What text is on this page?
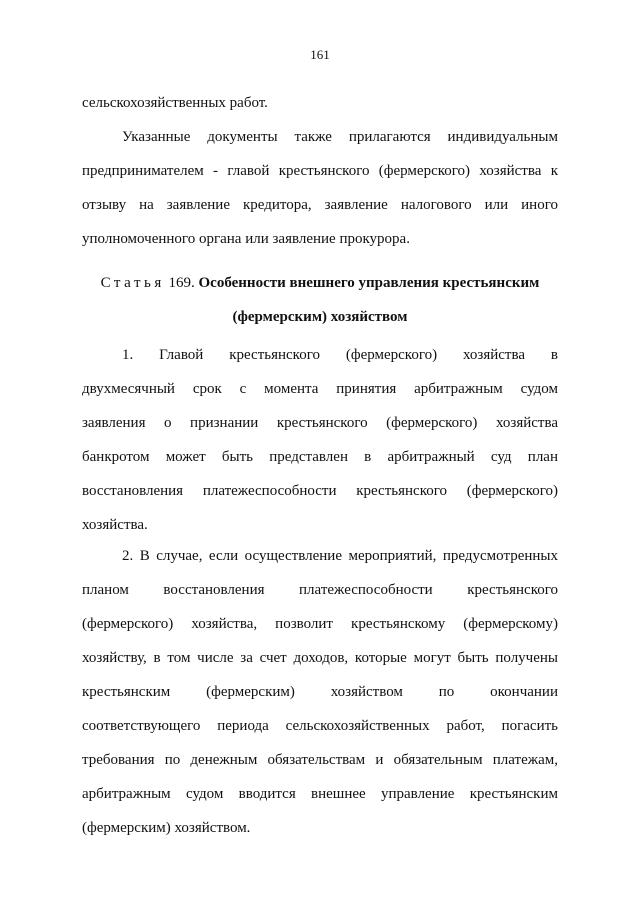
161
сельскохозяйственных работ.
Указанные документы также прилагаются индивидуальным
предпринимателем - главой крестьянского (фермерского) хозяйства к
отзыву на заявление кредитора, заявление налогового или иного
уполномоченного органа или заявление прокурора.
Статья 169. Особенности внешнего управления крестьянским
(фермерским) хозяйством
1. Главой крестьянского (фермерского) хозяйства в
двухмесячный срок с момента принятия арбитражным судом
заявления о признании крестьянского (фермерского) хозяйства
банкротом может быть представлен в арбитражный суд план
восстановления платежеспособности крестьянского (фермерского)
хозяйства.
2. В случае, если осуществление мероприятий, предусмотренных
планом восстановления платежеспособности крестьянского
(фермерского) хозяйства, позволит крестьянскому (фермерскому)
хозяйству, в том числе за счет доходов, которые могут быть получены
крестьянским (фермерским) хозяйством по окончании
соответствующего периода сельскохозяйственных работ, погасить
требования по денежным обязательствам и обязательным платежам,
арбитражным судом вводится внешнее управление крестьянским
(фермерским) хозяйством.
